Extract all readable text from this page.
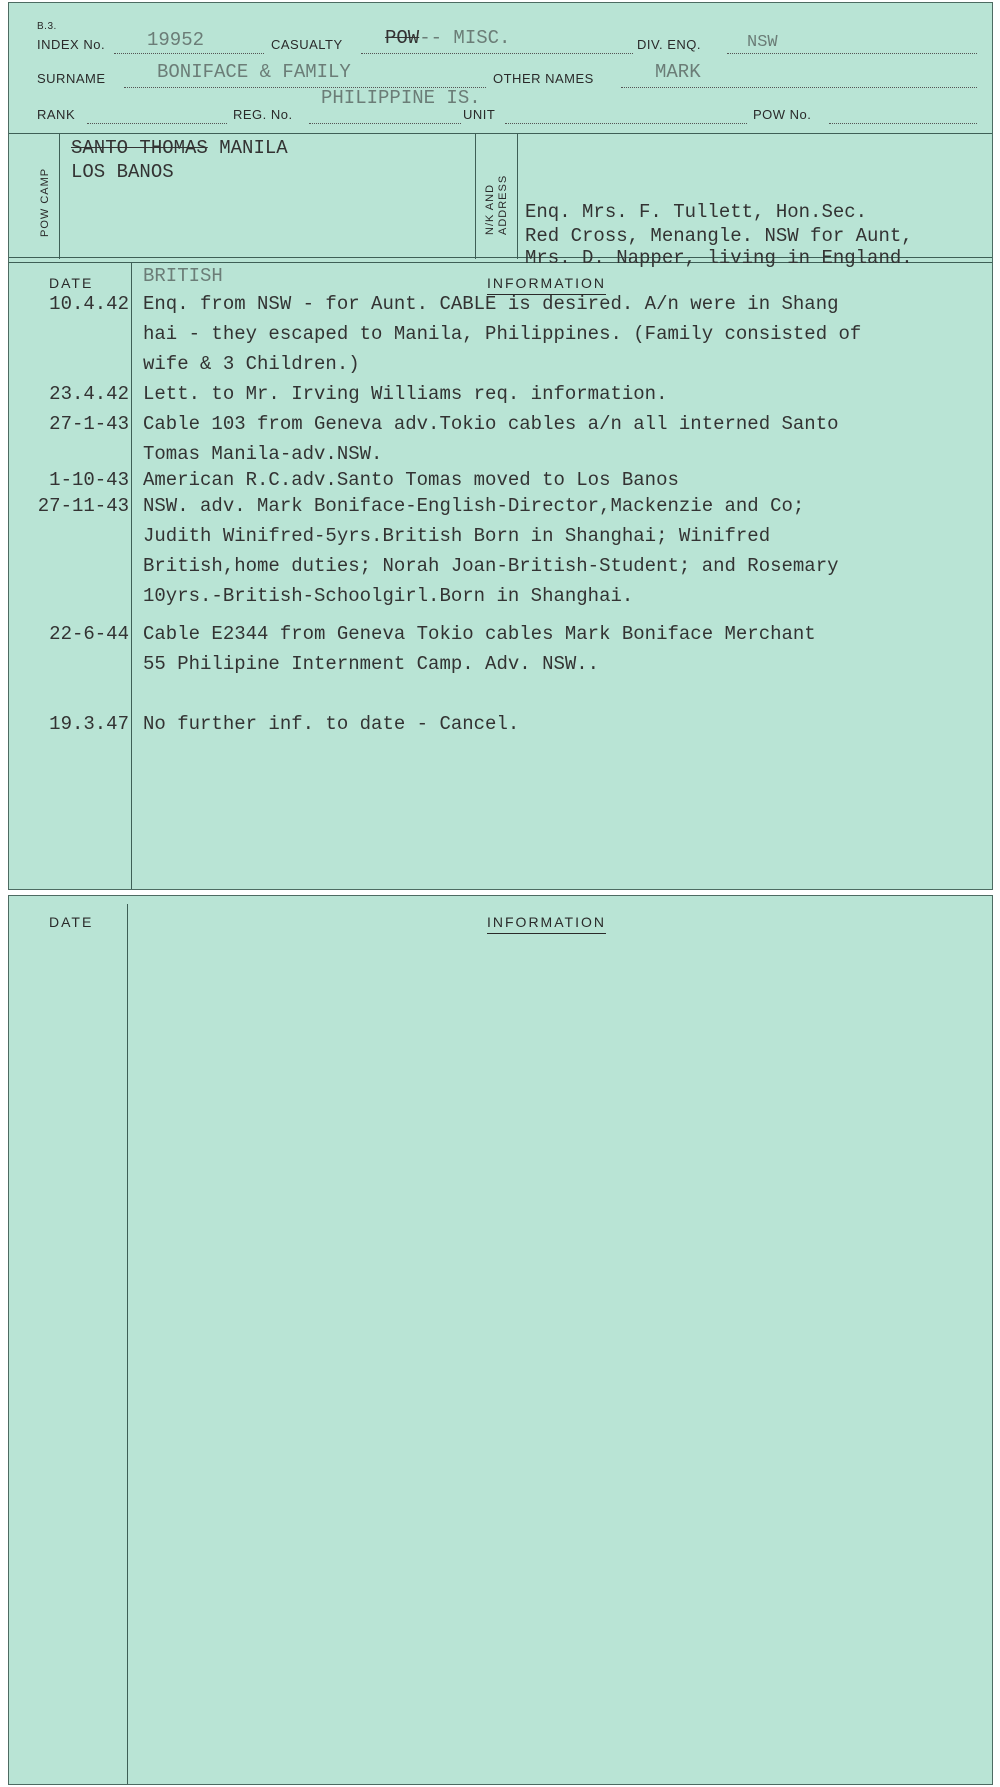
B.3.
INDEX No. 19952	CASUALTY POW-- MISC.	DIV. ENQ.	NSW
SURNAME	BONIFACE & FAMILY	OTHER NAMES	MARK
RANK	REG. No.
PHILIPPINE IS.
UNIT	POW No.
POW CAMP
SANTO THOMAS MANILA
LOS BANOS
N/K AND ADDRESS Enq. Mrs. F. Tullett, Hon.Sec.
Red Cross, Menangle. NSW for Aunt,
Mrs. D. Napper, living in England.
DATE	INFORMATION
BRITISH
10.4.42 Enq. from NSW - for Aunt. CABLE is desired. A/n were in Shang
hai - they escaped to Manila, Philippines. (Family consisted of
wife & 3 Children.)
23.4.42 Lett. to Mr. Irving Williams req. information.
27-1-43 Cable 103 from Geneva adv.Tokio cables a/n all interned Santo
Tomas Manila-adv.NSW.
1-10-43 American R.C.adv.Santo Tomas moved to Los Banos
27-11-43 NSW. adv. Mark Boniface-English-Director,Mackenzie and Co;
Judith Winifred-5yrs.British Born in Shanghai; Winifred
British,home duties; Norah Joan-British-Student; and Rosemary
10yrs.-British-Schoolgirl.Born in Shanghai.
22-6-44 Cable E2344 from Geneva Tokio cables Mark Boniface Merchant
55 Philipine Internment Camp. Adv. NSW..
19.3.47 No further inf. to date - Cancel.
DATE	INFORMATION
